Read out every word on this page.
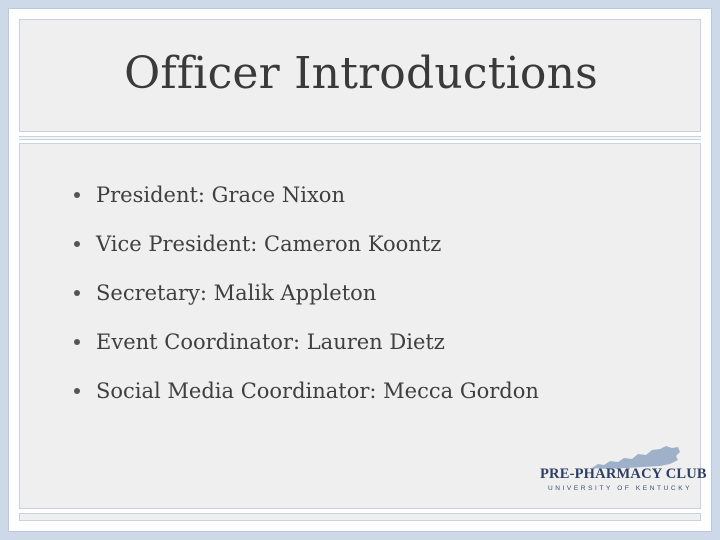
Officer Introductions
President: Grace Nixon
Vice President: Cameron Koontz
Secretary: Malik Appleton
Event Coordinator: Lauren Dietz
Social Media Coordinator: Mecca Gordon
PRE-PHARMACY CLUB
UNIVERSITY OF KENTUCKY
